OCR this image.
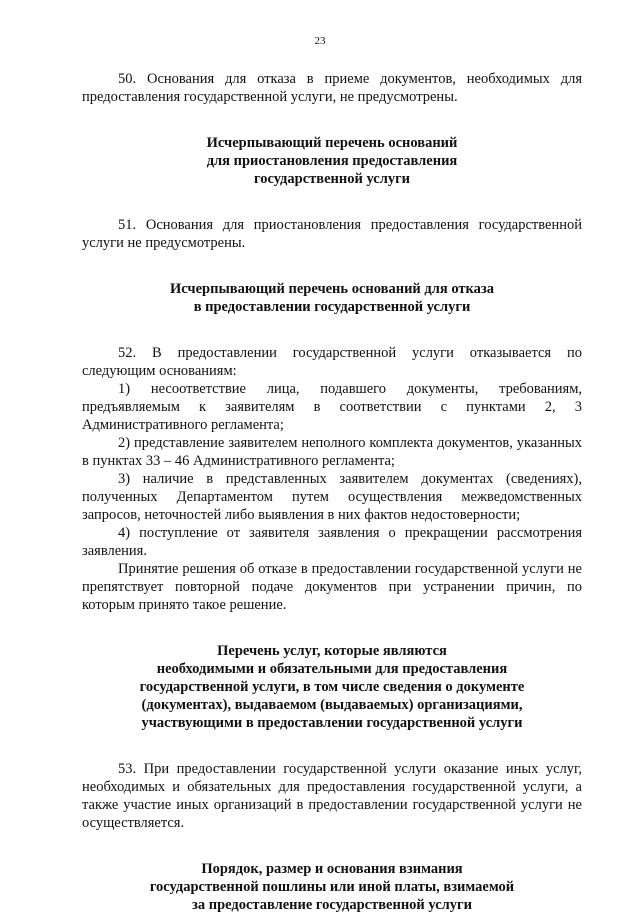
23

50. Основания для отказа в приеме документов, необходимых для предоставления государственной услуги, не предусмотрены.

Исчерпывающий перечень оснований
для приостановления предоставления
государственной услуги

51. Основания для приостановления предоставления государственной услуги не предусмотрены.

Исчерпывающий перечень оснований для отказа
в предоставлении государственной услуги

52. В предоставлении государственной услуги отказывается по следующим основаниям:

1) несоответствие лица, подавшего документы, требованиям, предъявляемым к заявителям в соответствии с пунктами 2, 3 Административного регламента;

2) представление заявителем неполного комплекта документов, указанных в пунктах 33 – 46 Административного регламента;

3) наличие в представленных заявителем документах (сведениях), полученных Департаментом путем осуществления межведомственных запросов, неточностей либо выявления в них фактов недостоверности;

4) поступление от заявителя заявления о прекращении рассмотрения заявления.

Принятие решения об отказе в предоставлении государственной услуги не препятствует повторной подаче документов при устранении причин, по которым принято такое решение.

Перечень услуг, которые являются
необходимыми и обязательными для предоставления
государственной услуги, в том числе сведения о документе
(документах), выдаваемом (выдаваемых) организациями,
участвующими в предоставлении государственной услуги

53. При предоставлении государственной услуги оказание иных услуг, необходимых и обязательных для предоставления государственной услуги, а также участие иных организаций в предоставлении государственной услуги не осуществляется.

Порядок, размер и основания взимания
государственной пошлины или иной платы, взимаемой
за предоставление государственной услуги
